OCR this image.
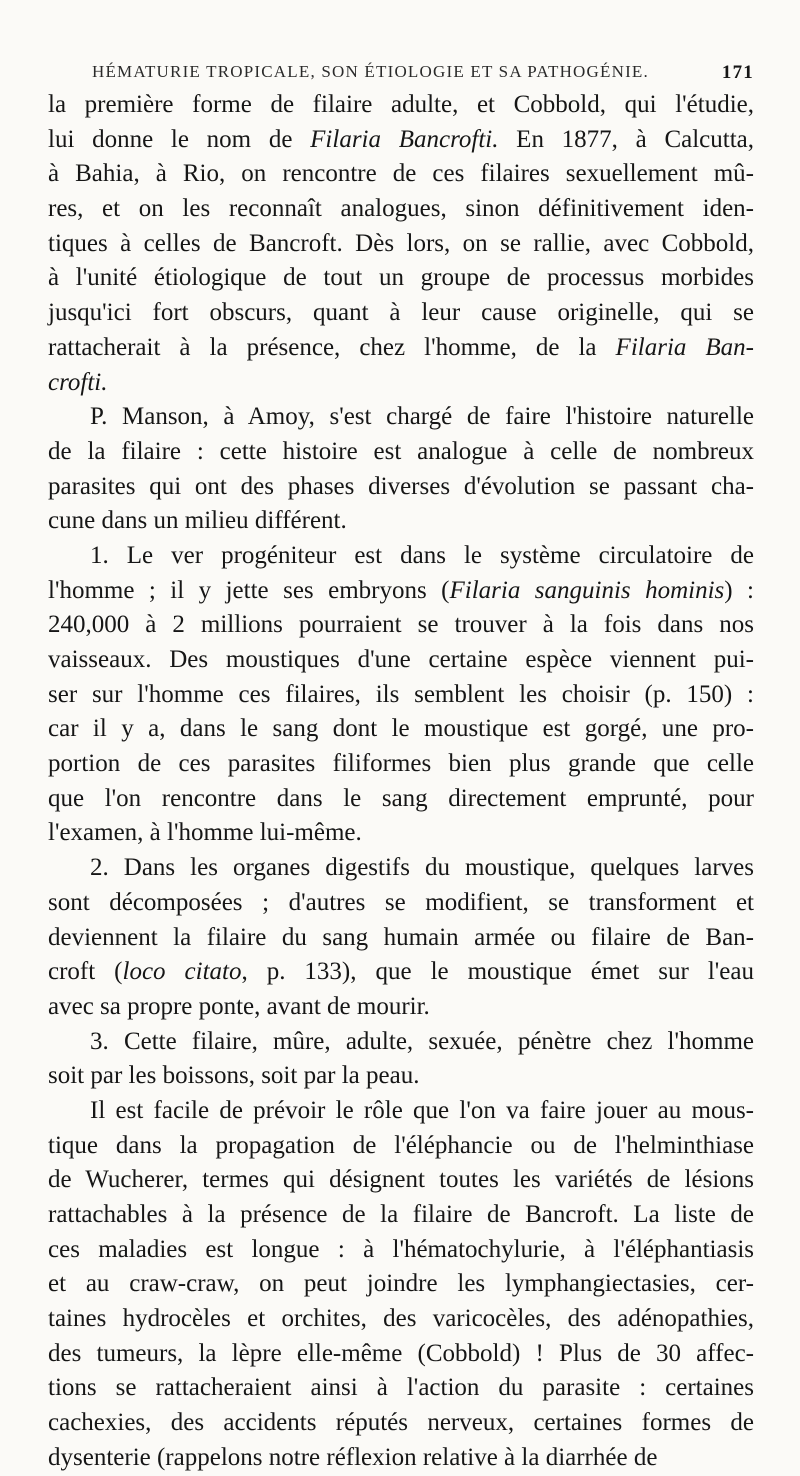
HÉMATURIE TROPICALE, SON ÉTIOLOGIE ET SA PATHOGÉNIE.	171
la première forme de filaire adulte, et Cobbold, qui l'étudie,
lui donne le nom de Filaria Bancrofti. En 1877, à Calcutta,
à Bahia, à Rio, on rencontre de ces filaires sexuellement mû-
res, et on les reconnaît analogues, sinon définitivement iden-
tiques à celles de Bancroft. Dès lors, on se rallie, avec Cobbold,
à l'unité étiologique de tout un groupe de processus morbides
jusqu'ici fort obscurs, quant à leur cause originelle, qui se
rattacherait à la présence, chez l'homme, de la Filaria Ban-
crofti.
P. Manson, à Amoy, s'est chargé de faire l'histoire naturelle
de la filaire : cette histoire est analogue à celle de nombreux
parasites qui ont des phases diverses d'évolution se passant cha-
cune dans un milieu différent.
1. Le ver progéniteur est dans le système circulatoire de
l'homme ; il y jette ses embryons (Filaria sanguinis hominis) :
240,000 à 2 millions pourraient se trouver à la fois dans nos
vaisseaux. Des moustiques d'une certaine espèce viennent pui-
ser sur l'homme ces filaires, ils semblent les choisir (p. 150) :
car il y a, dans le sang dont le moustique est gorgé, une pro-
portion de ces parasites filiformes bien plus grande que celle
que l'on rencontre dans le sang directement emprunté, pour
l'examen, à l'homme lui-même.
2. Dans les organes digestifs du moustique, quelques larves
sont décomposées ; d'autres se modifient, se transforment et
deviennent la filaire du sang humain armée ou filaire de Ban-
croft (loco citato, p. 133), que le moustique émet sur l'eau
avec sa propre ponte, avant de mourir.
3. Cette filaire, mûre, adulte, sexuée, pénètre chez l'homme
soit par les boissons, soit par la peau.
Il est facile de prévoir le rôle que l'on va faire jouer au mous-
tique dans la propagation de l'éléphancie ou de l'helminthiase
de Wucherer, termes qui désignent toutes les variétés de lésions
rattachables à la présence de la filaire de Bancroft. La liste de
ces maladies est longue : à l'hématochylurie, à l'éléphantiasis
et au craw-craw, on peut joindre les lymphangiectasies, cer-
taines hydrocèles et orchites, des varicocèles, des adénopathies,
des tumeurs, la lèpre elle-même (Cobbold) ! Plus de 30 affec-
tions se rattacheraient ainsi à l'action du parasite : certaines
cachexies, des accidents réputés nerveux, certaines formes de
dysenterie (rappelons notre réflexion relative à la diarrhée de
